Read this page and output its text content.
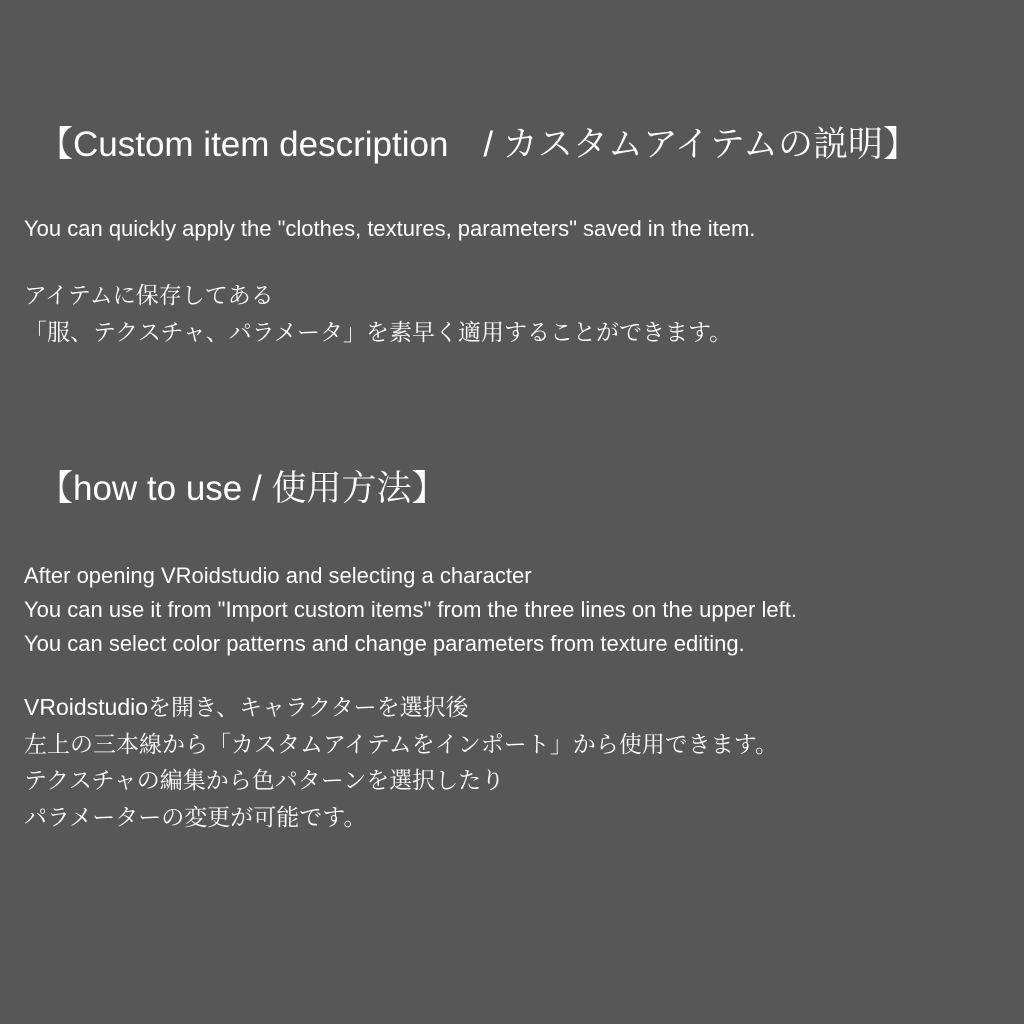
【Custom item description　/ カスタムアイテムの説明】
You can quickly apply the "clothes, textures, parameters" saved in the item.
アイテムに保存してある
「服、テクスチャ、パラメータ」を素早く適用することができます。
【how to use / 使用方法】
After opening VRoidstudio and selecting a character
You can use it from "Import custom items" from the three lines on the upper left.
You can select color patterns and change parameters from texture editing.
VRoidstudioを開き、キャラクターを選択後
左上の三本線から「カスタムアイテムをインポート」から使用できます。
テクスチャの編集から色パターンを選択したり
パラメーターの変更が可能です。
